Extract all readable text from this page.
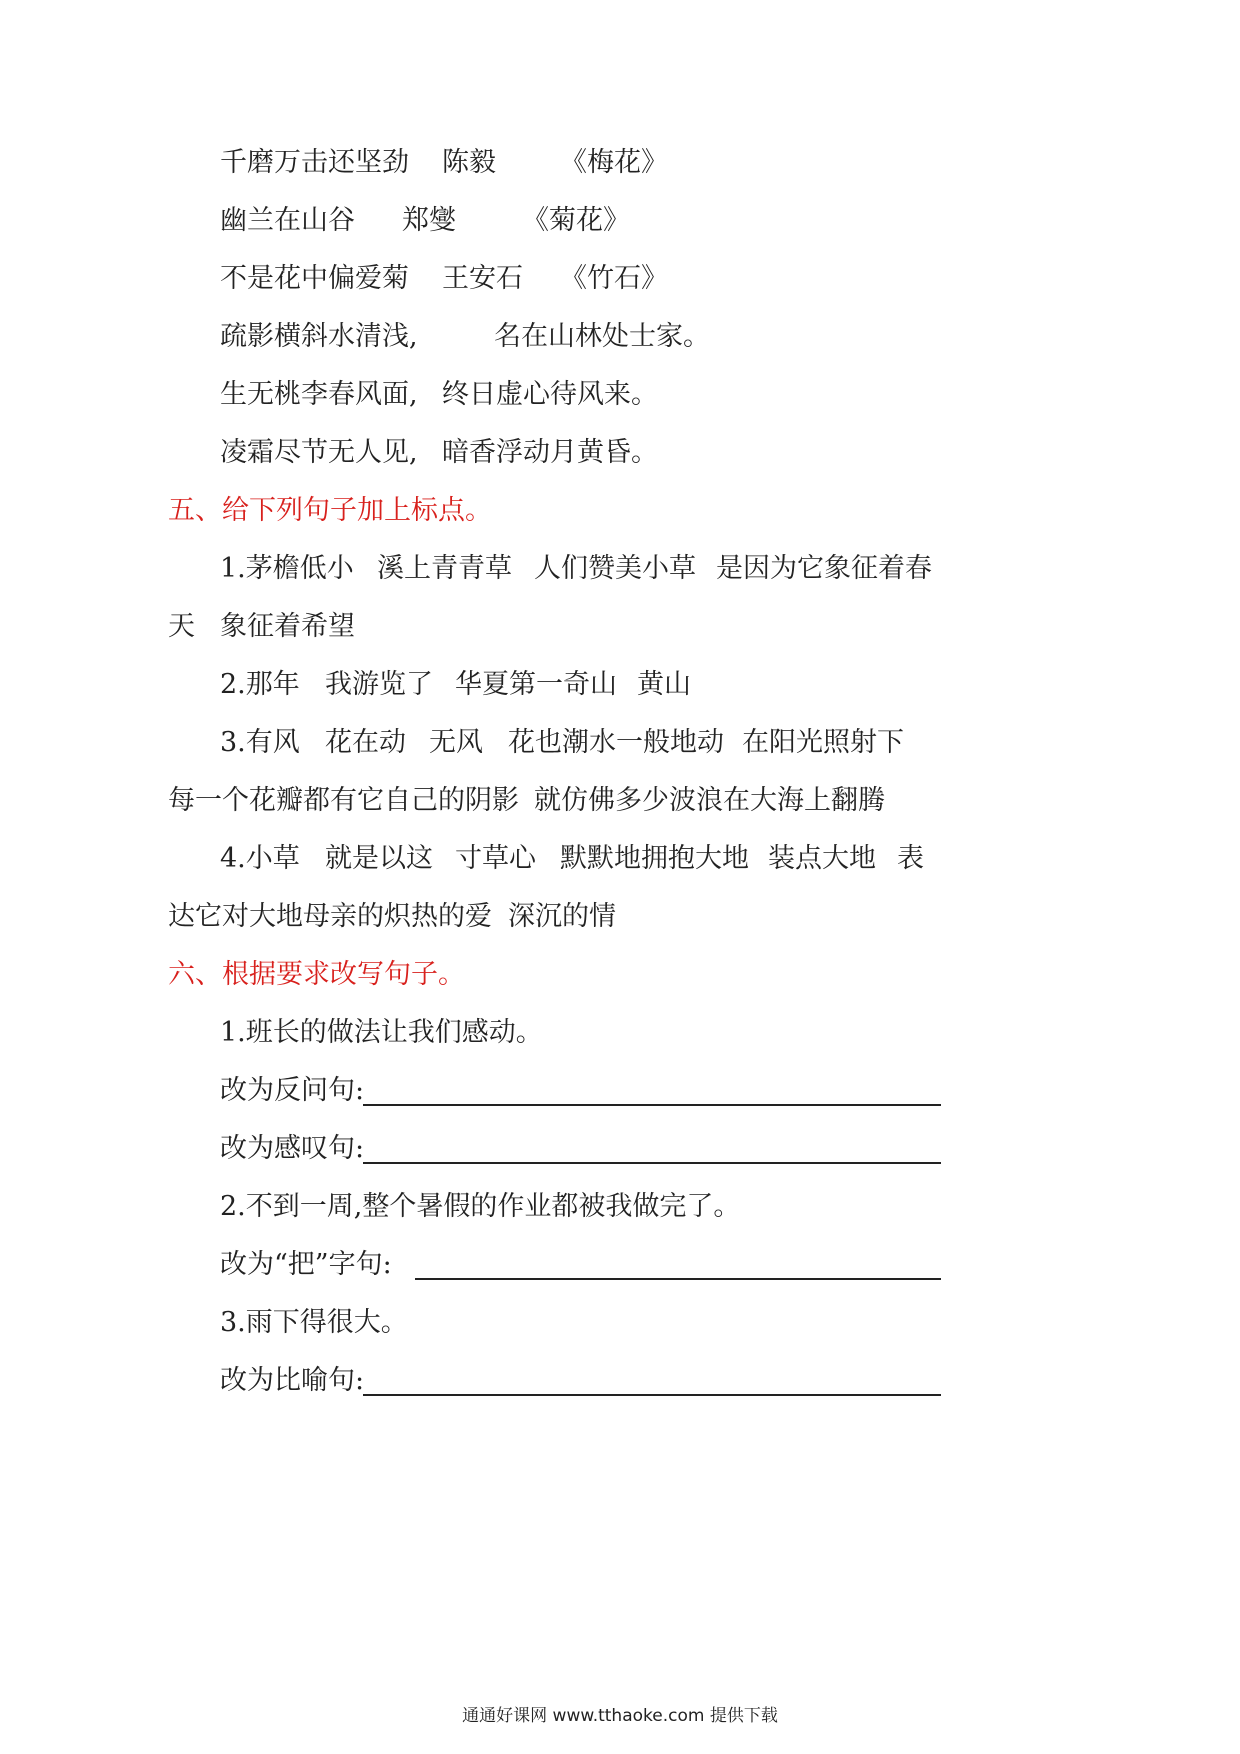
千磨万击还坚劲 陈毅 《梅花》
幽兰在山谷 郑燮 《菊花》
不是花中偏爱菊 王安石 《竹石》
疏影横斜水清浅,	名在山林处士家。
生无桃李春风面, 终日虚心待风来。
凌霜尽节无人见, 暗香浮动月黄昏。
五、给下列句子加上标点。
1.茅檐低小 溪上青青草 人们赞美小草 是因为它象征着春
天 象征着希望
2.那年 我游览了 华夏第一奇山 黄山
3.有风 花在动 无风 花也潮水一般地动 在阳光照射下
每一个花瓣都有它自己的阴影 就仿佛多少波浪在大海上翻腾
4.小草 就是以这 寸草心 默默地拥抱大地 装点大地 表
达它对大地母亲的炽热的爱 深沉的情
六、根据要求改写句子。
1.班长的做法让我们感动。
改为反问句:
改为感叹句:
2.不到一周,整个暑假的作业都被我做完了。
改为“把”字句:
3.雨下得很大。
改为比喻句:
通通好课网 www.tthaoke.com 提供下载
